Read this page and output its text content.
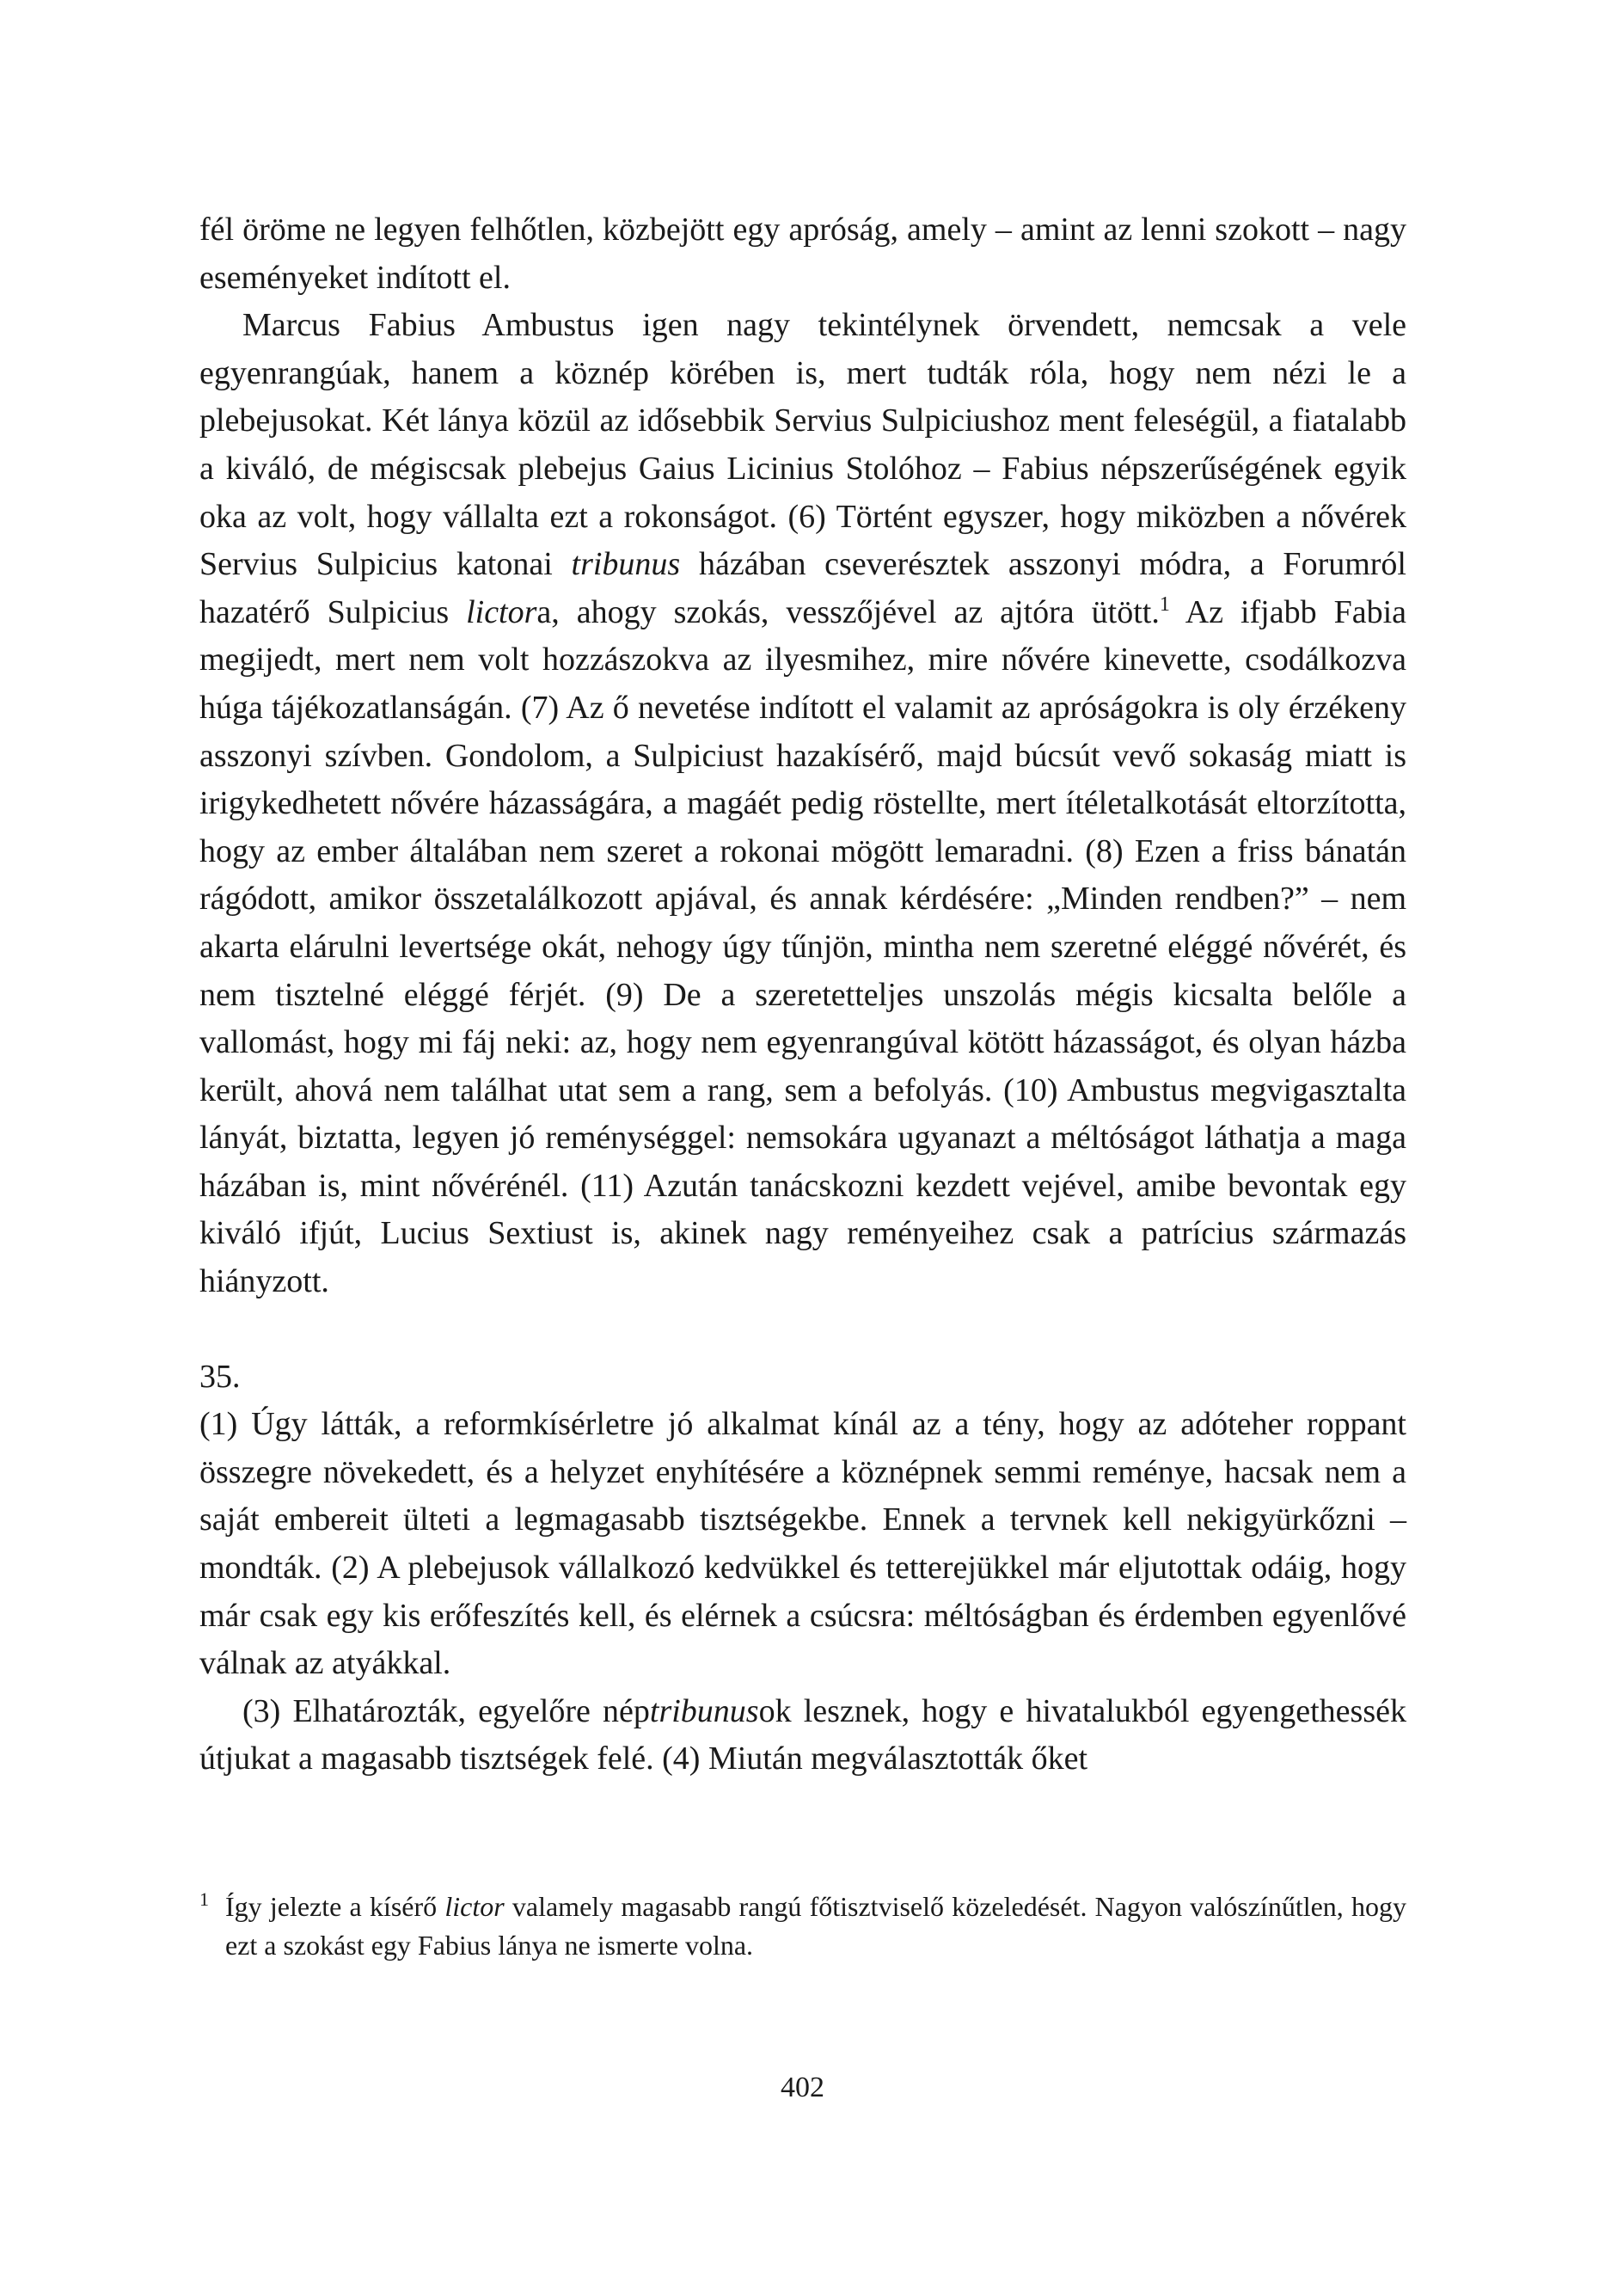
fél öröme ne legyen felhőtlen, közbejött egy apróság, amely – amint az lenni szokott – nagy eseményeket indított el.

Marcus Fabius Ambustus igen nagy tekintélynek örvendett, nemcsak a vele egyenrangúak, hanem a köznép körében is, mert tudták róla, hogy nem nézi le a plebejusokat. Két lánya közül az idősebbik Servius Sulpiciushoz ment feleségül, a fiatalabb a kiváló, de mégiscsak plebejus Gaius Licinius Stolóhoz – Fabius népszerűségének egyik oka az volt, hogy vállalta ezt a rokonságot. (6) Történt egyszer, hogy miközben a nővérek Servius Sulpicius katonai tribunus házában cseverésztek asszonyi módra, a Forumról hazatérő Sulpicius lictora, ahogy szokás, vesszőjével az ajtóra ütött.$^1$ Az ifjabb Fabia megijedt, mert nem volt hozzászokva az ilyesmihez, mire nővére kinevette, csodálkozva húga tájékozatlanságán. (7) Az ő nevetése indított el valamit az apróságokra is oly érzékeny asszonyi szívben. Gondolom, a Sulpiciust hazakísérő, majd búcsút vevő sokaság miatt is irigykedhetett nővére házasságára, a magáét pedig röstellte, mert ítéletalkotását eltorzította, hogy az ember általában nem szeret a rokonai mögött lemaradni. (8) Ezen a friss bánatán rágódott, amikor összetalálkozott apjával, és annak kérdésére: „Minden rendben?” – nem akarta elárulni levertsége okát, nehogy úgy tűnjön, mintha nem szeretné eléggé nővérét, és nem tisztelné eléggé férjét. (9) De a szeretetteljes unszolás mégis kicsalta belőle a vallomást, hogy mi fáj neki: az, hogy nem egyenrangúval kötött házasságot, és olyan házba került, ahová nem találhat utat sem a rang, sem a befolyás. (10) Ambustus megvigasztalta lányát, biztatta, legyen jó reménységgel: nemsokára ugyanazt a méltóságot láthatja a maga házában is, mint nővérénél. (11) Azután tanácskozni kezdett vejével, amibe bevontak egy kiváló ifjút, Lucius Sextiust is, akinek nagy reményeihez csak a patrícius származás hiányzott.

35.

(1) Úgy látták, a reformkísérletre jó alkalmat kínál az a tény, hogy az adóteher roppant összegre növekedett, és a helyzet enyhítésére a köznépnek semmi reménye, hacsak nem a saját embereit ülteti a legmagasabb tisztségekbe. Ennek a tervnek kell nekigyürkőzni – mondták. (2) A plebejusok vállalkozó kedvükkel és tetterejükkel már eljutottak odáig, hogy már csak egy kis erőfeszítés kell, és elérnek a csúcsra: méltóságban és érdemben egyenlővé válnak az atyákkal.

(3) Elhatározták, egyelőre néptribunusok lesznek, hogy e hivatalukból egyengethessék útjukat a magasabb tisztségek felé. (4) Miután megválasztották őket

1 Így jelezte a kísérő lictor valamely magasabb rangú főtisztviselő közeledését. Nagyon valószínűtlen, hogy ezt a szokást egy Fabius lánya ne ismerte volna.

402
